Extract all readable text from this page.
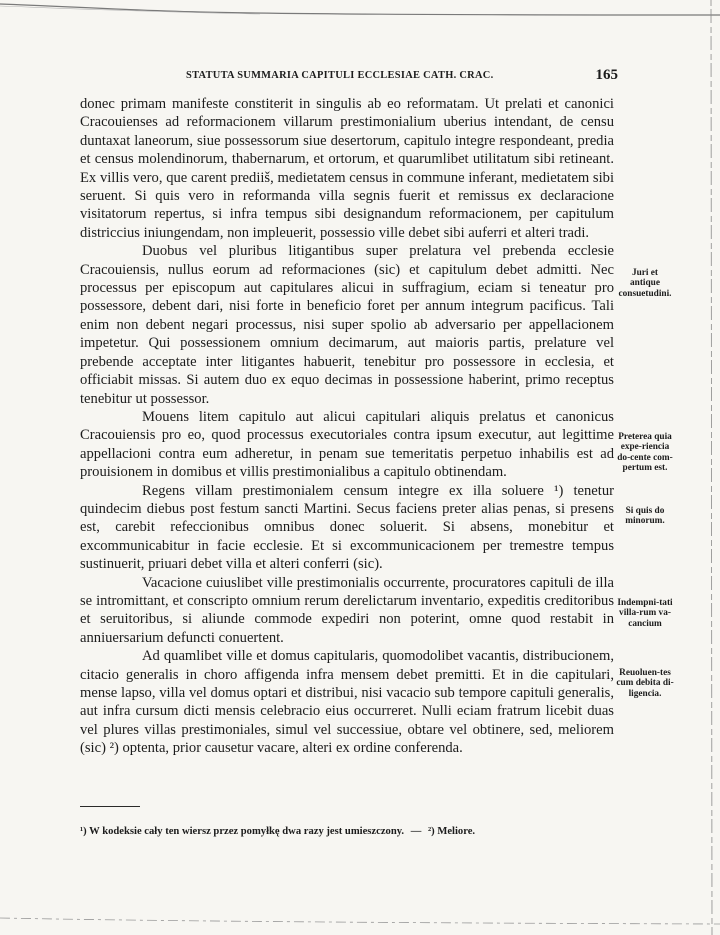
STATUTA SUMMARIA CAPITULI ECCLESIAE CATH. CRAC.	165

donec primam manifeste constiterit in singulis ab eo reformatam. Ut prelati et canonici Cracouienses ad reformacionem villarum prestimonialium uberius intendant, de censu duntaxat laneorum, siue possessorum siue desertorum, capitulo integre respondeant, predia et census molendinorum, thabernarum, et ortorum, et quarumlibet utilitatum sibi retineant. Ex villis vero, que carent prediiš, medietatem census in commune inferant, medietatem sibi seruent. Si quis vero in reformanda villa segnis fuerit et remissus ex declaracione visitatorum repertus, si infra tempus sibi designandum reformacionem, per capitulum districcius iniungendam, non impleuerit, possessio ville debet sibi auferri et alteri tradi.

Duobus vel pluribus litigantibus super prelatura vel prebenda ecclesie Cracouiensis, nullus eorum ad reformaciones (sic) et capitulum debet admitti. Nec processus per episcopum aut capitulares alicui in suffragium, eciam si teneatur pro possessore, debent dari, nisi forte in beneficio foret per annum integrum pacificus. Tali enim non debent negari processus, nisi super spolio ab adversario per appellacionem impetetur. Qui possessionem omnium decimarum, aut maioris partis, prelature vel prebende acceptate inter litigantes habuerit, tenebitur pro possessore in ecclesia, et officiabit missas. Si autem duo ex equo decimas in possessione haberint, primo receptus tenebitur ut possessor.

Mouens litem capitulo aut alicui capitulari aliquis prelatus et canonicus Cracouiensis pro eo, quod processus executoriales contra ipsum executur, aut legittime appellacioni contra eum adheretur, in penam sue temeritatis perpetuo inhabilis est ad prouisionem in domibus et villis prestimonialibus a capitulo obtinendam.

Regens villam prestimonialem censum integre ex illa soluere ¹) tenetur quindecim diebus post festum sancti Martini. Secus faciens preter alias penas, si presens est, carebit refeccionibus omnibus donec soluerit. Si absens, monebitur et excommunicabitur in facie ecclesie. Et si excommunicacionem per tremestre tempus sustinuerit, priuari debet villa et alteri conferri (sic).

Vacacione cuiuslibet ville prestimonialis occurrente, procuratores capituli de illa se intromittant, et conscripto omnium rerum derelictarum inventario, expeditis creditoribus et seruitoribus, si aliunde commode expediri non poterint, omne quod restabit in anniuersarium defuncti conuertent.

Ad quamlibet ville et domus capitularis, quomodolibet vacantis, distribucionem, citacio generalis in choro affigenda infra mensem debet premitti. Et in die capitulari, mense lapso, villa vel domus optari et distribui, nisi vacacio sub tempore capituli generalis, aut infra cursum dicti mensis celebracio eius occurreret. Nulli eciam fratrum licebit duas vel plures villas prestimoniales, simul vel successiue, obtare vel obtinere, sed, meliorem (sic) ²) optenta, prior causetur vacare, alteri ex ordine conferenda.

Juri et antique consuetudini.
Preterea quia expe-riencia do-cente com-pertum est.
Si quis do minorum.
Indempni-tati villa-rum va-cancium
Reuoluen-tes cum debita di-ligencia.
¹) W kodeksie cały ten wiersz przez pomyłkę dwa razy jest umieszczony. — ²) Meliore.
